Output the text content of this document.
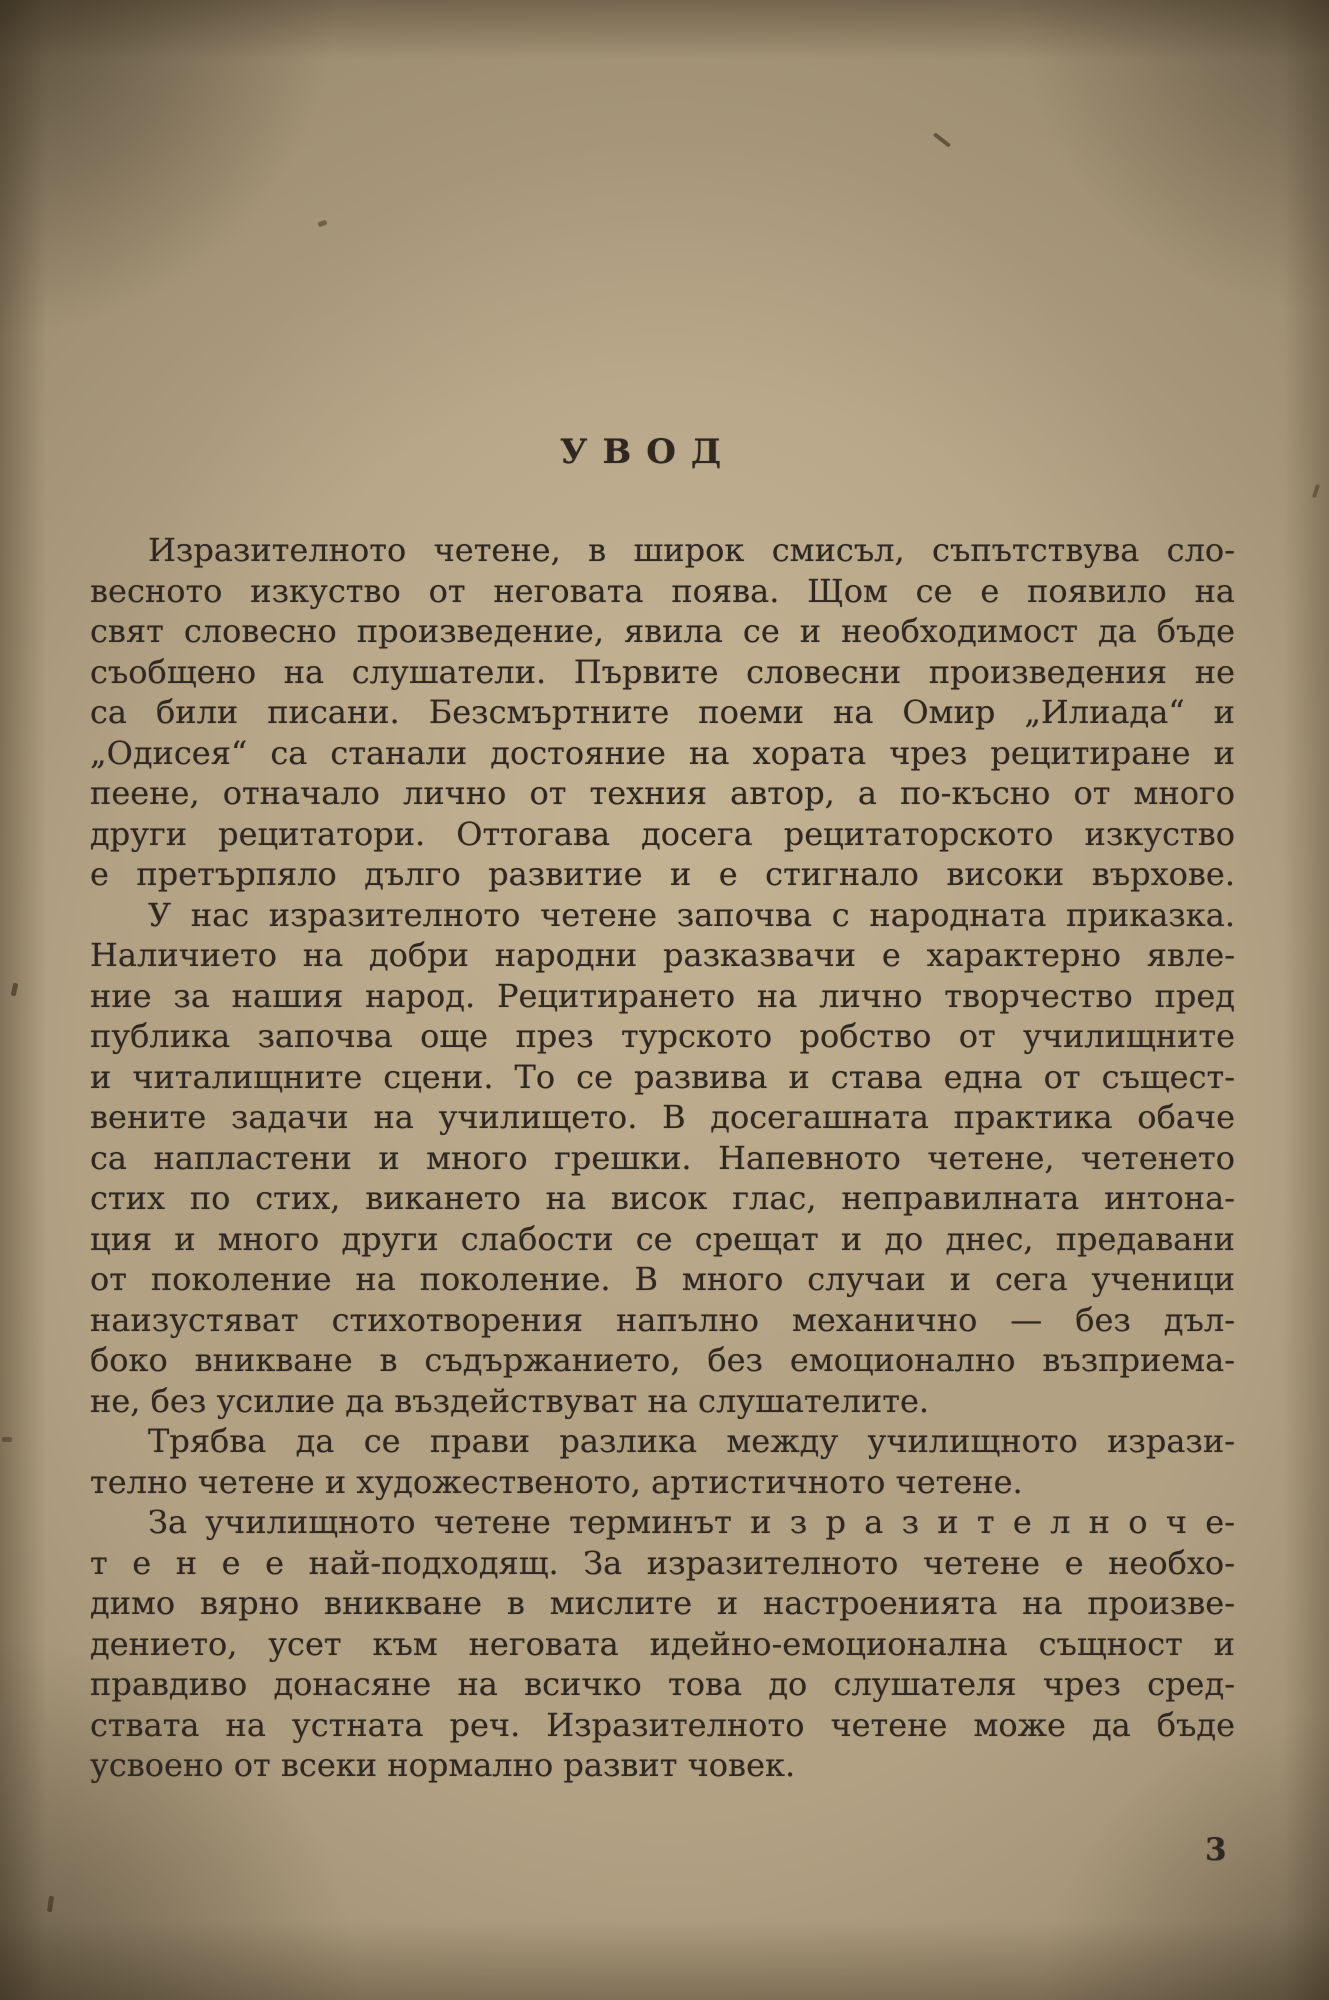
УВОД
Изразителното четене, в широк смисъл, съпътствува сло-
весното изкуство от неговата поява. Щом се е появило на
свят словесно произведение, явила се и необходимост да бъде
съобщено на слушатели. Първите словесни произведения не
са били писани. Безсмъртните поеми на Омир „Илиада“ и
„Одисея“ са станали достояние на хората чрез рецитиране и
пеене, отначало лично от техния автор, а по-късно от много
други рецитатори. Оттогава досега рецитаторското изкуство
е претърпяло дълго развитие и е стигнало високи върхове.
У нас изразителното четене започва с народната приказка.
Наличието на добри народни разказвачи е характерно явле-
ние за нашия народ. Рецитирането на лично творчество пред
публика започва още през турското робство от училищните
и читалищните сцени. То се развива и става една от същест-
вените задачи на училището. В досегашната практика обаче
са напластени и много грешки. Напевното четене, четенето
стих по стих, викането на висок глас, неправилната интона-
ция и много други слабости се срещат и до днес, предавани
от поколение на поколение. В много случаи и сега ученици
наизустяват стихотворения напълно механично — без дъл-
боко вникване в съдържанието, без емоционално възприема-
не, без усилие да въздействуват на слушателите.
Трябва да се прави разлика между училищното изрази-
телно четене и художественото, артистичното четене.
За училищното четене терминът и з р а з и т е л н о ч е-
т е н е е най-подходящ. За изразителното четене е необхо-
димо вярно вникване в мислите и настроенията на произве-
дението, усет към неговата идейно-емоционална същност и
правдиво донасяне на всичко това до слушателя чрез сред-
ствата на устната реч. Изразителното четене може да бъде
усвоено от всеки нормално развит човек.
3
